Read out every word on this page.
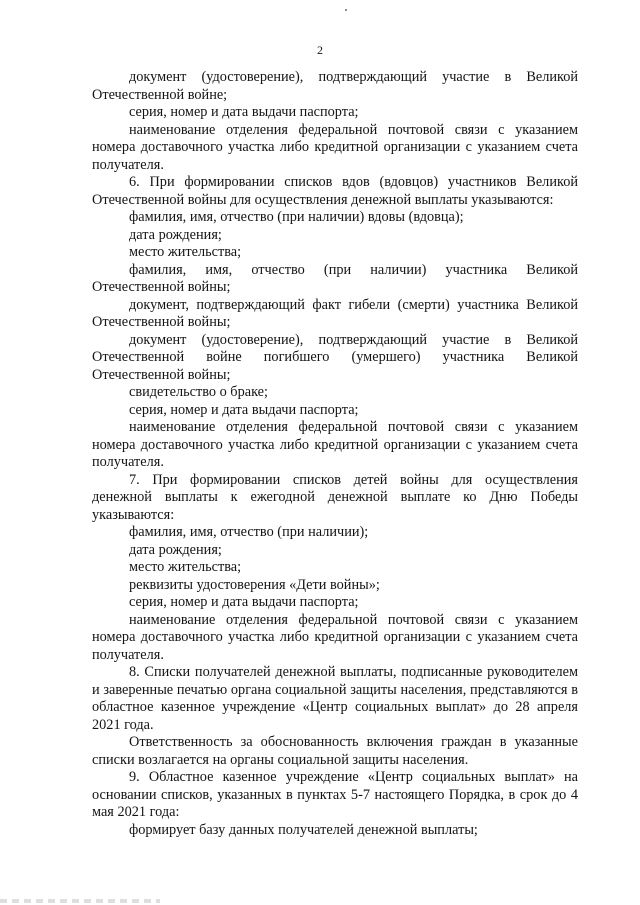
2

документ (удостоверение), подтверждающий участие в Великой Отечественной войне;

серия, номер и дата выдачи паспорта;

наименование отделения федеральной почтовой связи с указанием номера доставочного участка либо кредитной организации с указанием счета получателя.

6. При формировании списков вдов (вдовцов) участников Великой Отечественной войны для осуществления денежной выплаты указываются:

фамилия, имя, отчество (при наличии) вдовы (вдовца);

дата рождения;

место жительства;

фамилия, имя, отчество (при наличии) участника Великой Отечественной войны;

документ, подтверждающий факт гибели (смерти) участника Великой Отечественной войны;

документ (удостоверение), подтверждающий участие в Великой Отечественной войне погибшего (умершего) участника Великой Отечественной войны;

свидетельство о браке;

серия, номер и дата выдачи паспорта;

наименование отделения федеральной почтовой связи с указанием номера доставочного участка либо кредитной организации с указанием счета получателя.

7. При формировании списков детей войны для осуществления денежной выплаты к ежегодной денежной выплате ко Дню Победы указываются:

фамилия, имя, отчество (при наличии);

дата рождения;

место жительства;

реквизиты удостоверения «Дети войны»;

серия, номер и дата выдачи паспорта;

наименование отделения федеральной почтовой связи с указанием номера доставочного участка либо кредитной организации с указанием счета получателя.

8. Списки получателей денежной выплаты, подписанные руководителем и заверенные печатью органа социальной защиты населения, представляются в областное казенное учреждение «Центр социальных выплат» до 28 апреля 2021 года.

Ответственность за обоснованность включения граждан в указанные списки возлагается на органы социальной защиты населения.

9. Областное казенное учреждение «Центр социальных выплат» на основании списков, указанных в пунктах 5-7 настоящего Порядка, в срок до 4 мая 2021 года:

формирует базу данных получателей денежной выплаты;
